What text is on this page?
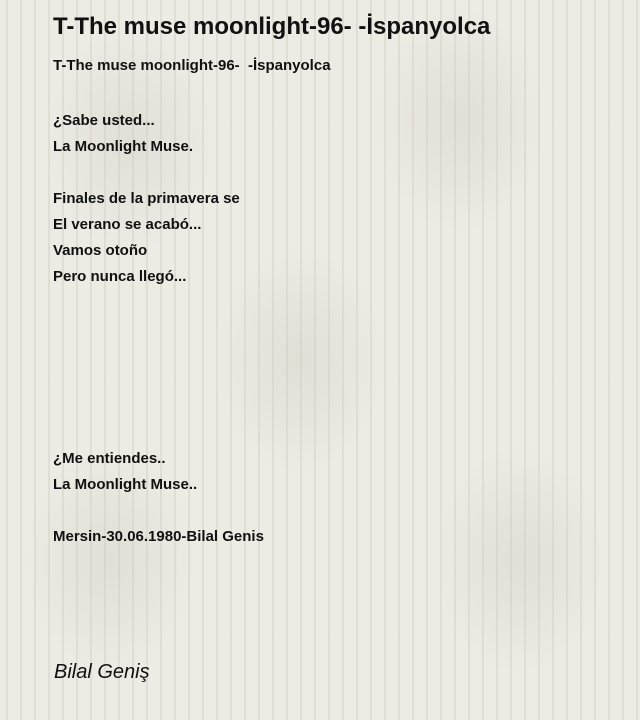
T-The muse moonlight-96- -İspanyolca
T-The muse moonlight-96-  -İspanyolca
¿Sabe usted...
La Moonlight Muse.
Finales de la primavera se
El verano se acabó...
Vamos otoño
Pero nunca llegó...
¿Me entiendes..
La Moonlight Muse..
Mersin-30.06.1980-Bilal Genis
Bilal Geniş
